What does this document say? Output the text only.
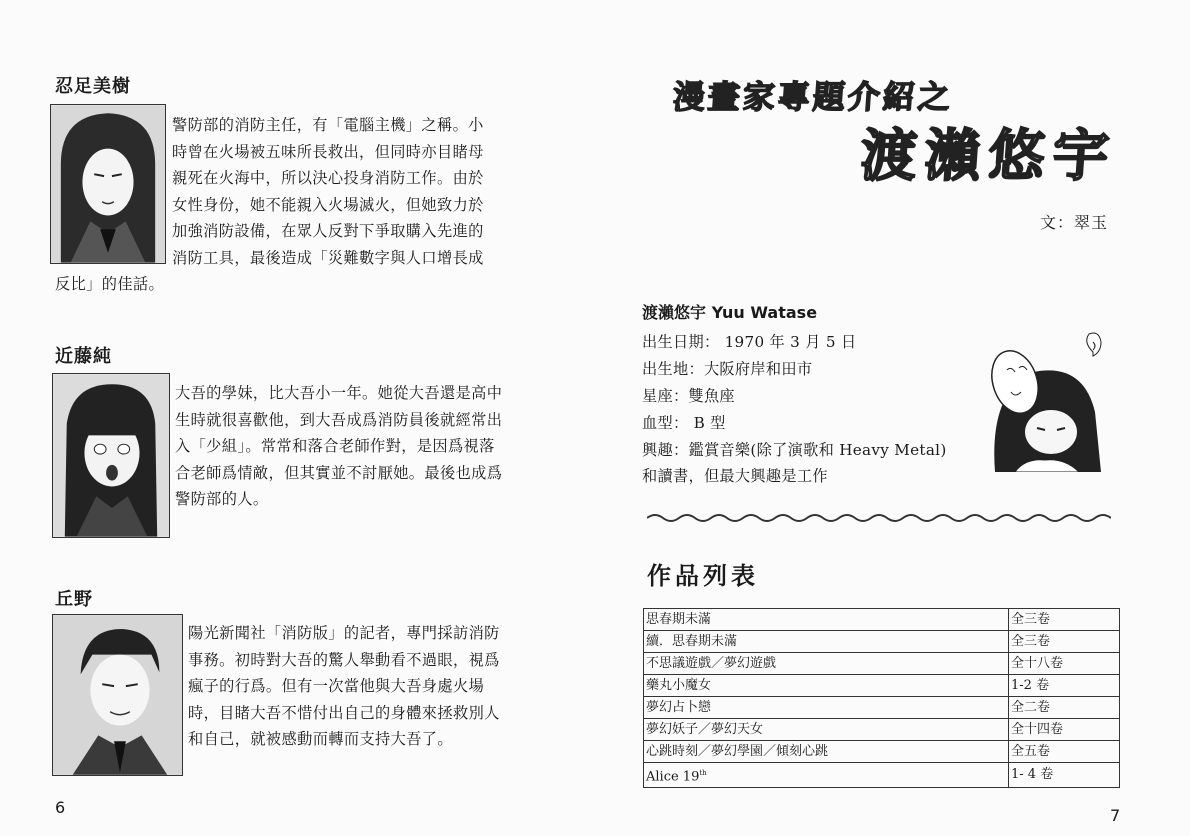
忍足美樹
警防部的消防主任，有「電腦主機」之稱。小
時曾在火場被五味所長救出，但同時亦目睹母
親死在火海中，所以決心投身消防工作。由於
女性身份，她不能親入火場滅火，但她致力於
加強消防設備，在眾人反對下爭取購入先進的
消防工具，最後造成「災難數字與人口增長成
反比」的佳話。
近藤純
大吾的學妹，比大吾小一年。她從大吾還是高中
生時就很喜歡他，到大吾成爲消防員後就經常出
入「少組」。常常和落合老師作對，是因爲視落
合老師爲情敵，但其實並不討厭她。最後也成爲
警防部的人。
丘野
陽光新聞社「消防版」的記者，專門採訪消防
事務。初時對大吾的驚人舉動看不過眼，視爲
瘋子的行爲。但有一次當他與大吾身處火場
時，目睹大吾不惜付出自己的身體來拯救別人
和自己，就被感動而轉而支持大吾了。
6
漫畫家專題介紹之
渡瀨悠宇
文：翠玉
渡瀨悠宇 Yuu Watase
出生日期： 1970 年 3 月 5 日
出生地：大阪府岸和田市
星座：雙魚座
血型： B 型
興趣：鑑賞音樂(除了演歌和 Heavy Metal)
和讀書，但最大興趣是工作
作品列表
思春期未滿	全三卷
續．思春期未滿	全三卷
不思議遊戲／夢幻遊戲	全十八卷
藥丸小魔女	1-2 卷
夢幻占卜戀	全二卷
夢幻妖子／夢幻天女	全十四卷
心跳時刻／夢幻學園／傾刻心跳	全五卷
Alice 19th	1- 4 卷
7
